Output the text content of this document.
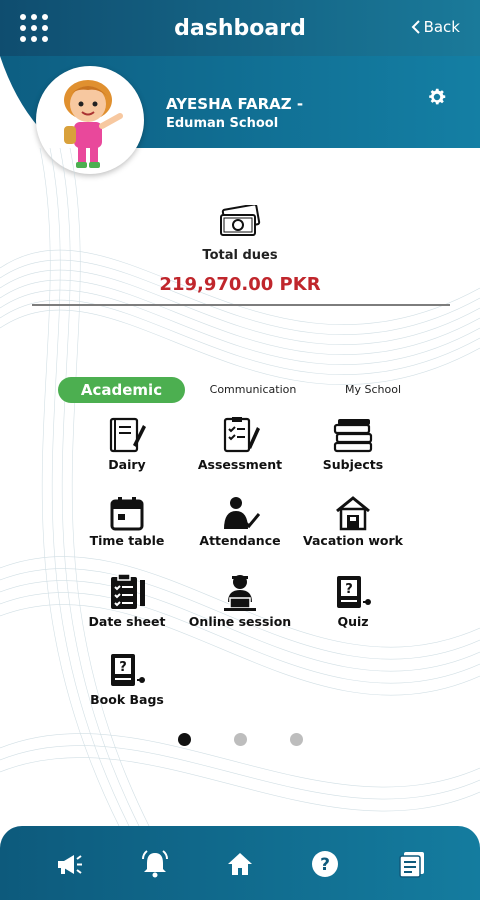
dashboard	Back
AYESHA FARAZ -
Eduman School
Total dues
219,970.00 PKR
Academic	Communication	My School
Dairy	Assessment	Subjects
Time table	Attendance	Vacation work
Date sheet	Online session
?
Quiz
?
Book Bags
?
